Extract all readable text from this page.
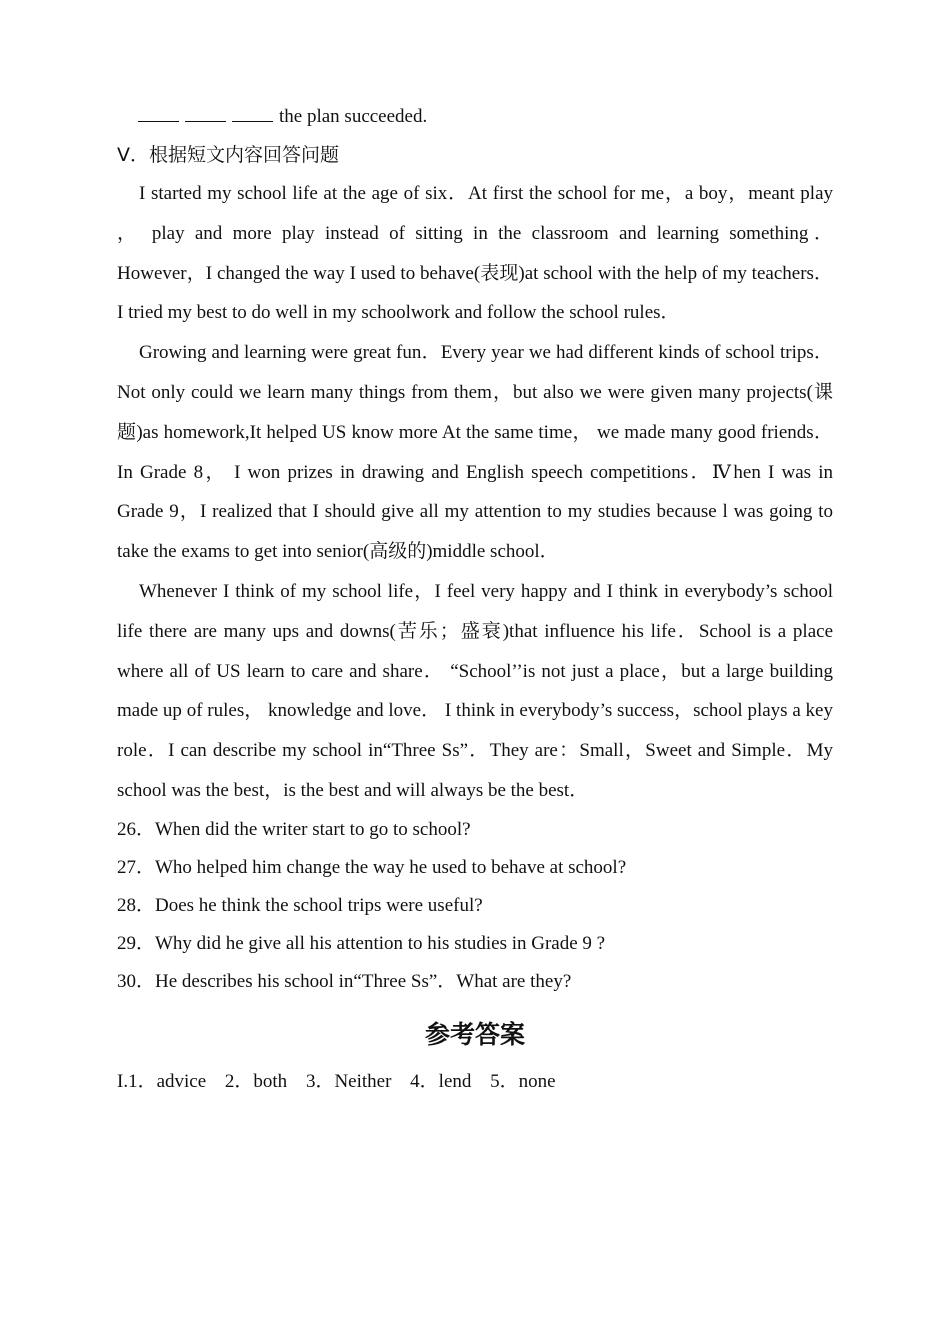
the plan succeeded.
V．根据短文内容回答问题

I started my school life at the age of six．At first the school for me，a boy，meant play ， play and more play instead of sitting in the classroom and learning something．However，I changed the way I used to behave(表现)at school with the help of my teachers． I tried my best to do well in my schoolwork and follow the school rules．

Growing and learning were great fun．Every year we had different kinds of school trips．Not only could we learn many things from them，but also we were given many projects(课题)as homework,It helped US know more At the same time， we made many good friends． In Grade 8， I won prizes in drawing and English speech competitions．Ⅳhen I was in Grade 9，I realized that I should give all my attention to my studies because l was going to take the exams to get into senior(高级的)middle school．

Whenever I think of my school life，I feel very happy and I think in everybody’s school life there are many ups and downs(苦乐；盛衰)that influence his life．School is a place where all of US learn to care and share． “School’’is not just a place，but a large building made up of rules， knowledge and love． I think in everybody’s success，school plays a key role．I can describe my school in“Three Ss”．They are：Small，Sweet and Simple．My school was the best，is the best and will always be the best．

26．When did the writer start to go to school?
27．Who helped him change the way he used to behave at school?
28．Does he think the school trips were useful?
29．Why did he give all his attention to his studies in Grade 9 ?
30．He describes his school in“Three Ss”．What are they?
参考答案
I.1．advice 2．both 3．Neither 4．lend 5．none
